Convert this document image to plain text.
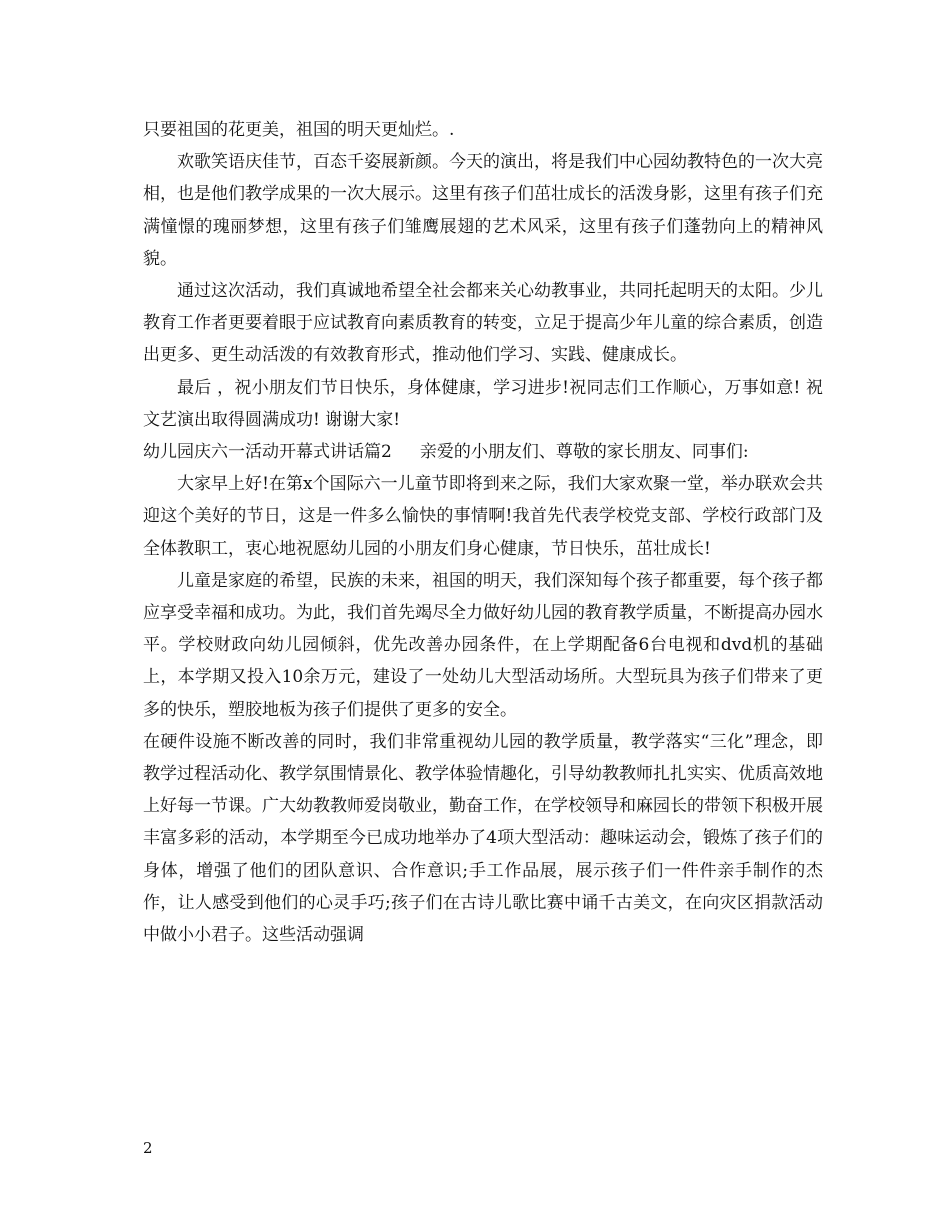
只要祖国的花更美，祖国的明天更灿烂。.

欢歌笑语庆佳节，百态千姿展新颜。今天的演出，将是我们中心园幼教特色的一次大亮相，也是他们教学成果的一次大展示。这里有孩子们茁壮成长的活泼身影，这里有孩子们充满憧憬的瑰丽梦想，这里有孩子们雏鹰展翅的艺术风采，这里有孩子们蓬勃向上的精神风貌。

通过这次活动，我们真诚地希望全社会都来关心幼教事业，共同托起明天的太阳。少儿教育工作者更要着眼于应试教育向素质教育的转变，立足于提高少年儿童的综合素质，创造出更多、更生动活泼的有效教育形式，推动他们学习、实践、健康成长。

最后 ，祝小朋友们节日快乐，身体健康，学习进步!祝同志们工作顺心，万事如意! 祝文艺演出取得圆满成功! 谢谢大家!

幼儿园庆六一活动开幕式讲话篇2 亲爱的小朋友们、尊敬的家长朋友、同事们:

大家早上好!在第x个国际六一儿童节即将到来之际，我们大家欢聚一堂，举办联欢会共迎这个美好的节日，这是一件多么愉快的事情啊!我首先代表学校党支部、学校行政部门及全体教职工，衷心地祝愿幼儿园的小朋友们身心健康，节日快乐，茁壮成长!

儿童是家庭的希望，民族的未来，祖国的明天，我们深知每个孩子都重要，每个孩子都应享受幸福和成功。为此，我们首先竭尽全力做好幼儿园的教育教学质量，不断提高办园水平。学校财政向幼儿园倾斜，优先改善办园条件，在上学期配备6台电视和dvd机的基础上，本学期又投入10余万元，建设了一处幼儿大型活动场所。大型玩具为孩子们带来了更多的快乐，塑胶地板为孩子们提供了更多的安全。

在硬件设施不断改善的同时，我们非常重视幼儿园的教学质量，教学落实“三化”理念，即教学过程活动化、教学氛围情景化、教学体验情趣化，引导幼教教师扎扎实实、优质高效地上好每一节课。广大幼教教师爱岗敬业，勤奋工作，在学校领导和麻园长的带领下积极开展丰富多彩的活动，本学期至今已成功地举办了4项大型活动：趣味运动会，锻炼了孩子们的身体，增强了他们的团队意识、合作意识;手工作品展，展示孩子们一件件亲手制作的杰作，让人感受到他们的心灵手巧;孩子们在古诗儿歌比赛中诵千古美文，在向灾区捐款活动中做小小君子。这些活动强调

2
